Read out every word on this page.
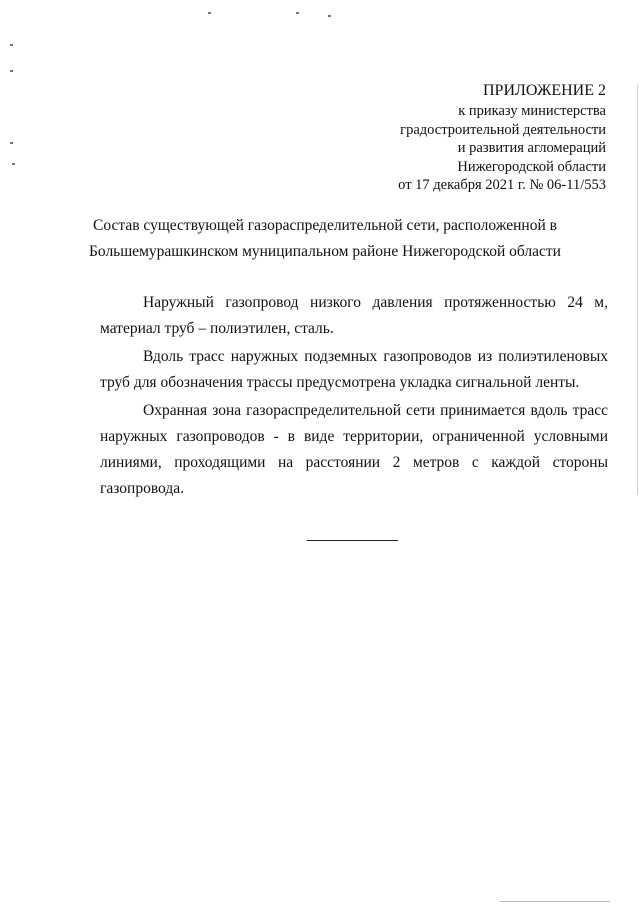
ПРИЛОЖЕНИЕ 2
к приказу министерства
градостроительной деятельности
и развития агломераций
Нижегородской области
от 17 декабря 2021 г. № 06-11/553
Состав существующей газораспределительной сети, расположенной в
Большемурашкинском муниципальном районе Нижегородской области

Наружный газопровод низкого давления протяженностью 24 м, материал труб – полиэтилен, сталь.

Вдоль трасс наружных подземных газопроводов из полиэтиленовых труб для обозначения трассы предусмотрена укладка сигнальной ленты.

Охранная зона газораспределительной сети принимается вдоль трасс наружных газопроводов - в виде территории, ограниченной условными линиями, проходящими на расстоянии 2 метров с каждой стороны газопровода.
